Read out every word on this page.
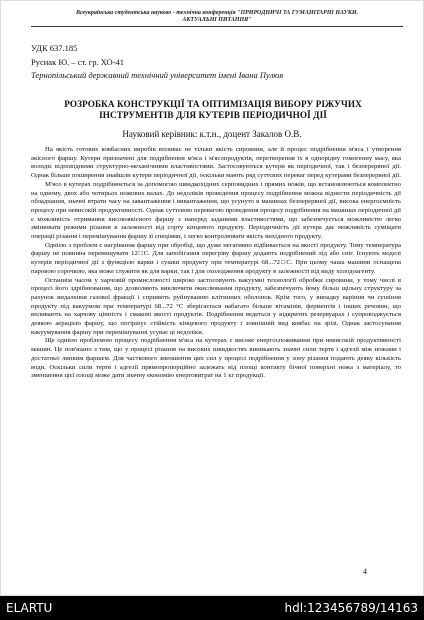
Всеукраїнська студентська науково - технічна конференція "ПРИРОДНИЧІ ТА ГУМАНІТАРНІ НАУКИ.
АКТУАЛЬНІ ПИТАННЯ"
УДК 637.185
Руснак Ю. – ст. гр. ХО-41
Тернопільський державний технічний університет імені Івана Пулюя
РОЗРОБКА КОНСТРУКЦІЇ ТА ОПТИМІЗАЦІЯ ВИБОРУ РІЖУЧИХ
ІНСТРУМЕНТІВ ДЛЯ КУТЕРІВ ПЕРІОДИЧНОЇ ДІЇ
Науковий керівник: к.т.н., доцент Закалов О.В.

На якість готових ковбасних виробів впливає не тільки якість сировини, але й процес подрібнення м'яса і утворення якісного фаршу. Кутери призначені для подрібнення м'яса і м'ясопродуктів, перетворення їх в однорідну гомогенну масу, яка володіє відповідними структурно-механічними властивостями. Застосовуються кутери як періодичної, так і безперервної дії. Однак більше поширення знайшли кутери періодичної дії, оскільки мають ряд суттєвих переваг перед кутерами безперервної дії.

М'ясо в кутерах подрібнюється за допомогою швидкохідних серповидних і прямих ножів, що встановлюються комплектно на одному, двох або чотирьох ножових валах. До недоліків проведення процесу подрібнення можна віднести періодичність дії обладнання, значні втрати часу на завантаження і вивантаження, що усунуто в машинах безперервної дії, висока енергоємність процесу при невисокій продуктивності. Однак суттєвою перевагою проведення процесу подрібнення на машинах періодичної дії є можливість отримання високоякісного фаршу з наперед заданими властивостями, що забезпечується можливістю легко змінювати режими різання в залежності від сорту кінцевого продукту. Періодичність дії кутера дає можливість суміщати операції різання і перемішування фаршу зі спеціями, і легко контролювати якість вихідного продукту.

Однією з проблем є нагрівання фаршу при обробці, що дуже негативно відбивається на якості продукту. Тому температура фаршу не повинна перевищувати 12□С. Для запобігання перегріву фаршу додають подрібнений лід або сніг. Існують моделі кутерів періодичної дії з функцією варки і сушки продукту при температурі 68...72□С. При цьому чаша машини оснащена паровою сорочкою, яка може служити як для варки, так і для охолодження продукту в залежності від виду холодоагенту.

Останнім часом у харчовій промисловості широко застосовують вакуумні технології обробки сировини, у тому числі в процесі його здрібнювання, що дозволяють виключити окислювання продукту, забезпечують йому більш щільну структуру за рахунок видалення газової фракції і сприяють руйнуванню клітинних оболонок. Крім того, у випадку варіння чи сушіння продукту під вакуумом при температурі 68...72 °С зберігається набагато більше вітамінів, ферментів і інших речовин, що впливають на харчову цінність і смакові якості продуктів. Подрібнення ведеться у відкритих резервуарах і супроводжується деякою аерацією фаршу, що погіршує стійкість кінцевого продукту і зовнішній вид ковбас на зрізі. Однак застосування вакуумування фаршу при перемішуванні усуває ці недоліки.

Ще однією проблемою процесу подрібнення м'яса на кутерах є високе енергоспоживання при невисокій продуктивності машин. Це пов'язано з тим, що у процесі різання на високих швидкостях виникають значні сили тертя і адгезії між ножами і достатньо липким фаршем. Для часткового зменшення цих сил у процесі подрібнення у зону різання подають деяку кількість води. Оскільки сили тертя і адгезії прямопропорційно залежать від площі контакту бічної поверхні ножа з матеріалу, то зменшення цієї площі може дати значну економію енерговитрат на 1 кг продукції.

4
ELARTU	hdl:123456789/14163
